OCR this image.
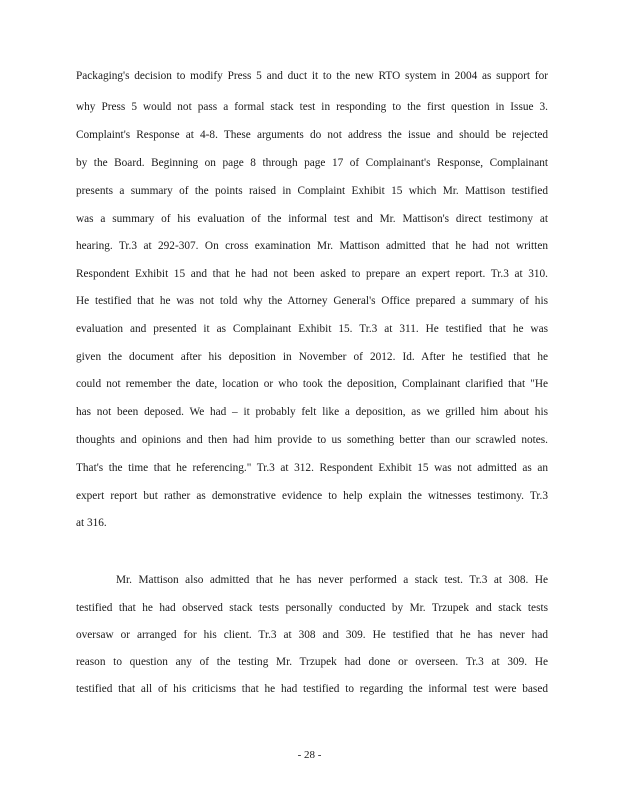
Packaging's decision to modify Press 5 and duct it to the new RTO system in 2004 as support for
why Press 5 would not pass a formal stack test in responding to the first question in Issue 3.
Complaint's Response at 4-8. These arguments do not address the issue and should be rejected
by the Board. Beginning on page 8 through page 17 of Complainant's Response, Complainant
presents a summary of the points raised in Complaint Exhibit 15 which Mr. Mattison testified
was a summary of his evaluation of the informal test and Mr. Mattison's direct testimony at
hearing. Tr.3 at 292-307. On cross examination Mr. Mattison admitted that he had not written
Respondent Exhibit 15 and that he had not been asked to prepare an expert report. Tr.3 at 310.
He testified that he was not told why the Attorney General's Office prepared a summary of his
evaluation and presented it as Complainant Exhibit 15. Tr.3 at 311. He testified that he was
given the document after his deposition in November of 2012. Id. After he testified that he
could not remember the date, location or who took the deposition, Complainant clarified that "He
has not been deposed. We had – it probably felt like a deposition, as we grilled him about his
thoughts and opinions and then had him provide to us something better than our scrawled notes.
That's the time that he referencing." Tr.3 at 312. Respondent Exhibit 15 was not admitted as an
expert report but rather as demonstrative evidence to help explain the witnesses testimony. Tr.3
at 316.
Mr. Mattison also admitted that he has never performed a stack test. Tr.3 at 308. He
testified that he had observed stack tests personally conducted by Mr. Trzupek and stack tests
oversaw or arranged for his client. Tr.3 at 308 and 309. He testified that he has never had
reason to question any of the testing Mr. Trzupek had done or overseen. Tr.3 at 309. He
testified that all of his criticisms that he had testified to regarding the informal test were based
- 28 -
